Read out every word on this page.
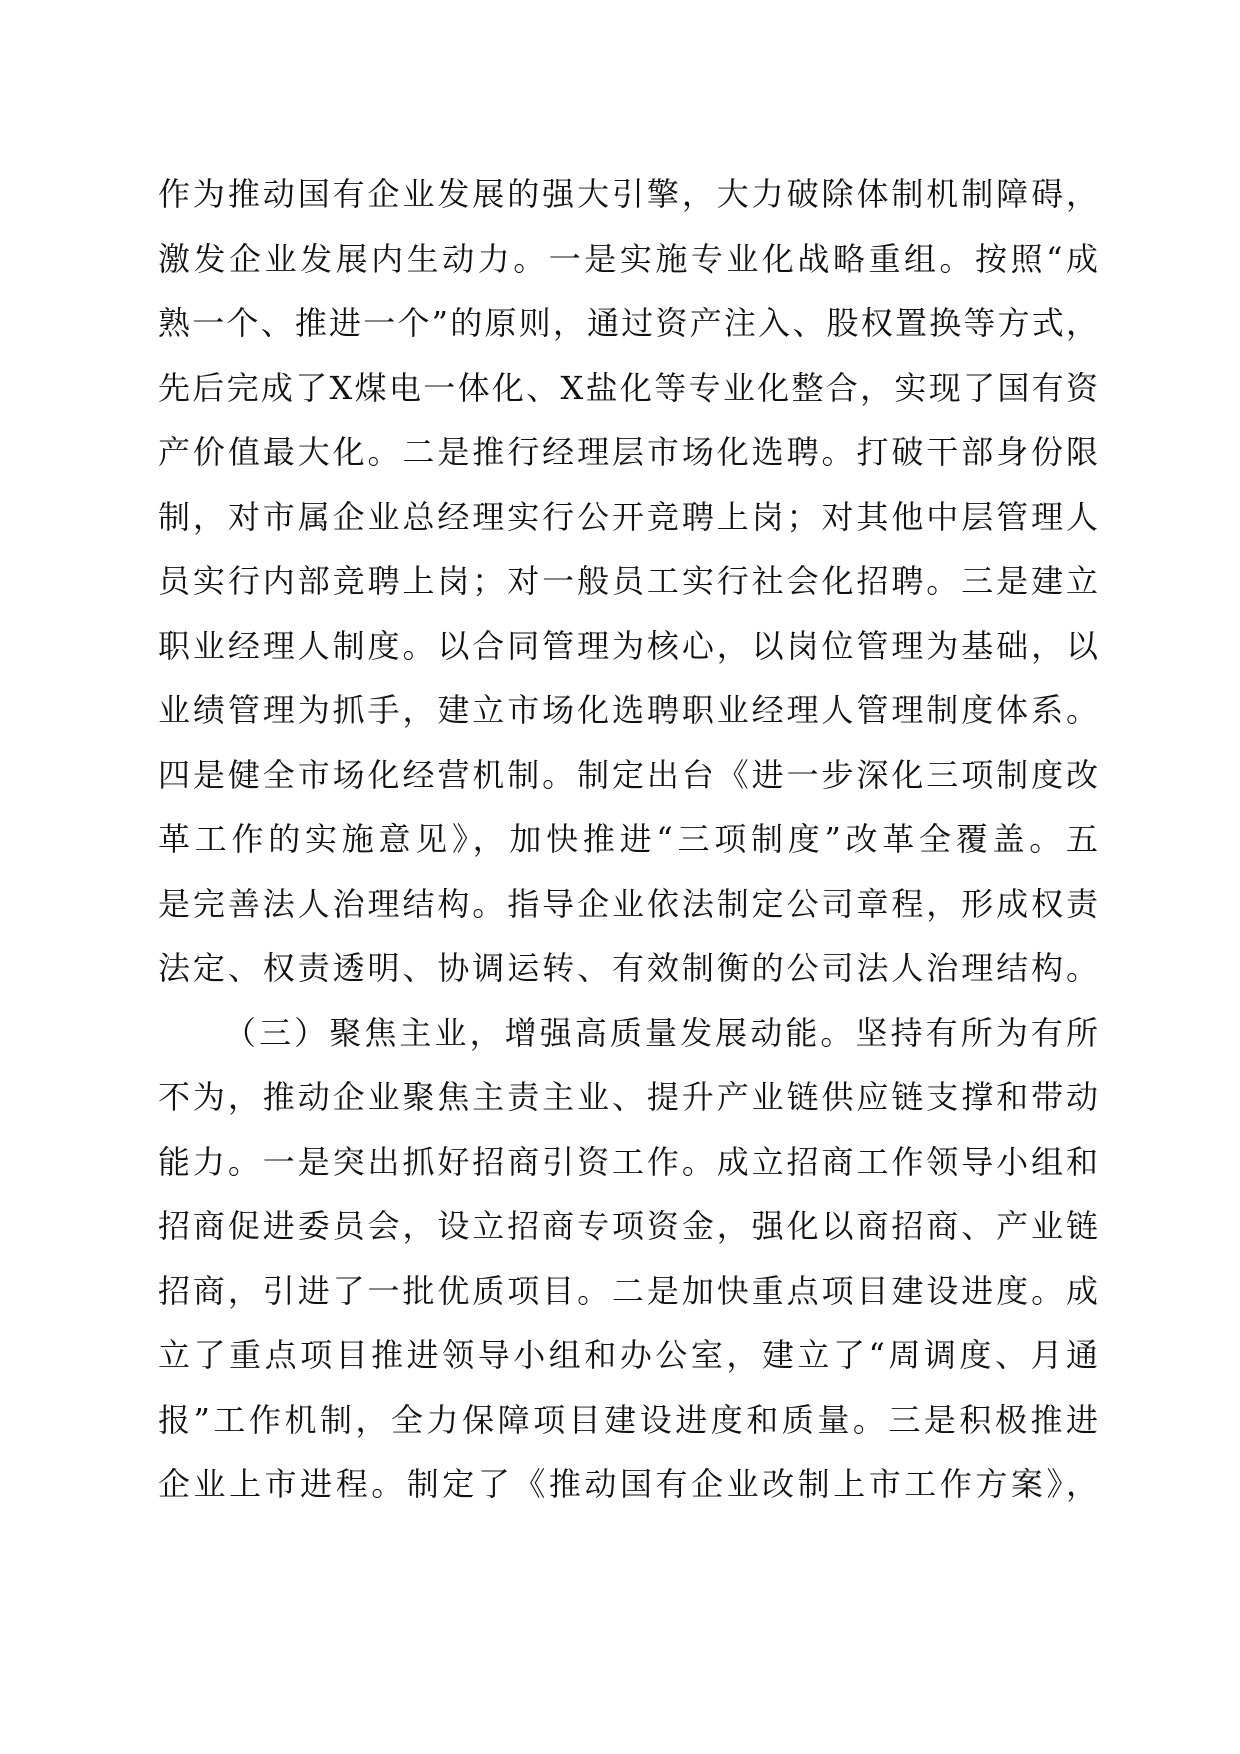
作为推动国有企业发展的强大引擎，大力破除体制机制障碍，
激发企业发展内生动力。一是实施专业化战略重组。按照“成
熟一个、推进一个”的原则，通过资产注入、股权置换等方式，
先后完成了X煤电一体化、X盐化等专业化整合，实现了国有资
产价值最大化。二是推行经理层市场化选聘。打破干部身份限
制，对市属企业总经理实行公开竞聘上岗；对其他中层管理人
员实行内部竞聘上岗；对一般员工实行社会化招聘。三是建立
职业经理人制度。以合同管理为核心，以岗位管理为基础，以
业绩管理为抓手，建立市场化选聘职业经理人管理制度体系。
四是健全市场化经营机制。制定出台《进一步深化三项制度改
革工作的实施意见》，加快推进“三项制度”改革全覆盖。五
是完善法人治理结构。指导企业依法制定公司章程，形成权责
法定、权责透明、协调运转、有效制衡的公司法人治理结构。
（三）聚焦主业，增强高质量发展动能。坚持有所为有所
不为，推动企业聚焦主责主业、提升产业链供应链支撑和带动
能力。一是突出抓好招商引资工作。成立招商工作领导小组和
招商促进委员会，设立招商专项资金，强化以商招商、产业链
招商，引进了一批优质项目。二是加快重点项目建设进度。成
立了重点项目推进领导小组和办公室，建立了“周调度、月通
报”工作机制，全力保障项目建设进度和质量。三是积极推进
企业上市进程。制定了《推动国有企业改制上市工作方案》，
